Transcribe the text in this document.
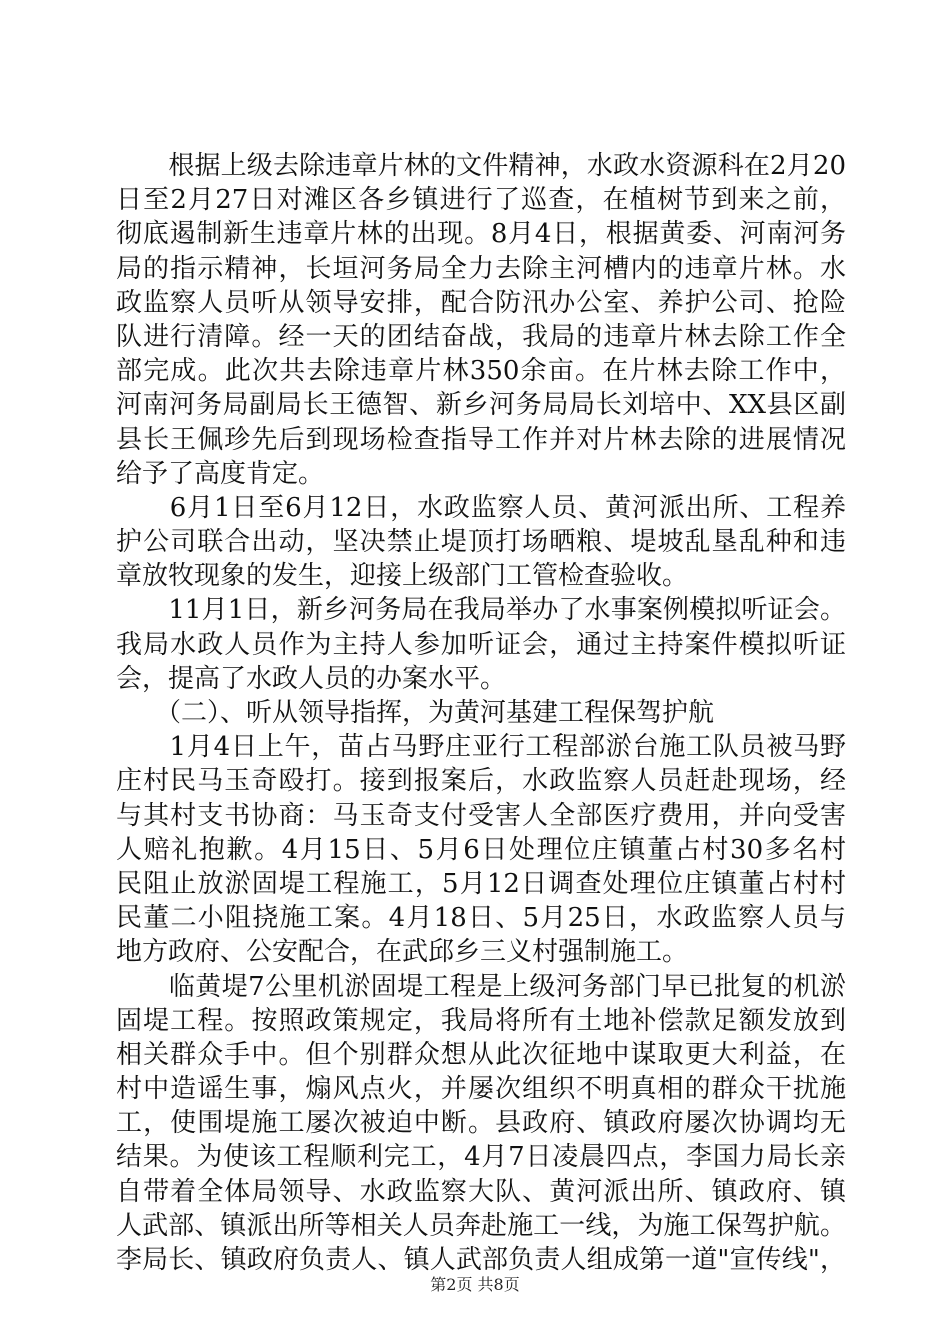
　　根据上级去除违章片林的文件精神，水政水资源科在2月20
日至2月27日对滩区各乡镇进行了巡查，在植树节到来之前，
彻底遏制新生违章片林的出现。8月4日，根据黄委、河南河务
局的指示精神，长垣河务局全力去除主河槽内的违章片林。水
政监察人员听从领导安排，配合防汛办公室、养护公司、抢险
队进行清障。经一天的团结奋战，我局的违章片林去除工作全
部完成。此次共去除违章片林350余亩。在片林去除工作中，
河南河务局副局长王德智、新乡河务局局长刘培中、XX县区副
县长王佩珍先后到现场检查指导工作并对片林去除的进展情况
给予了高度肯定。
　　6月1日至6月12日，水政监察人员、黄河派出所、工程养
护公司联合出动，坚决禁止堤顶打场晒粮、堤坡乱垦乱种和违
章放牧现象的发生，迎接上级部门工管检查验收。
　　11月1日，新乡河务局在我局举办了水事案例模拟听证会。
我局水政人员作为主持人参加听证会，通过主持案件模拟听证
会，提高了水政人员的办案水平。
　　（二）、听从领导指挥，为黄河基建工程保驾护航
　　1月4日上午，苗占马野庄亚行工程部淤台施工队员被马野
庄村民马玉奇殴打。接到报案后，水政监察人员赶赴现场，经
与其村支书协商：马玉奇支付受害人全部医疗费用，并向受害
人赔礼抱歉。4月15日、5月6日处理位庄镇董占村30多名村
民阻止放淤固堤工程施工，5月12日调查处理位庄镇董占村村
民董二小阻挠施工案。4月18日、5月25日，水政监察人员与
地方政府、公安配合，在武邱乡三义村强制施工。
　　临黄堤7公里机淤固堤工程是上级河务部门早已批复的机淤
固堤工程。按照政策规定，我局将所有土地补偿款足额发放到
相关群众手中。但个别群众想从此次征地中谋取更大利益，在
村中造谣生事，煽风点火，并屡次组织不明真相的群众干扰施
工，使围堤施工屡次被迫中断。县政府、镇政府屡次协调均无
结果。为使该工程顺利完工，4月7日凌晨四点，李国力局长亲
自带着全体局领导、水政监察大队、黄河派出所、镇政府、镇
人武部、镇派出所等相关人员奔赴施工一线，为施工保驾护航。
李局长、镇政府负责人、镇人武部负责人组成第一道"宣传线"，
第2页 共8页
